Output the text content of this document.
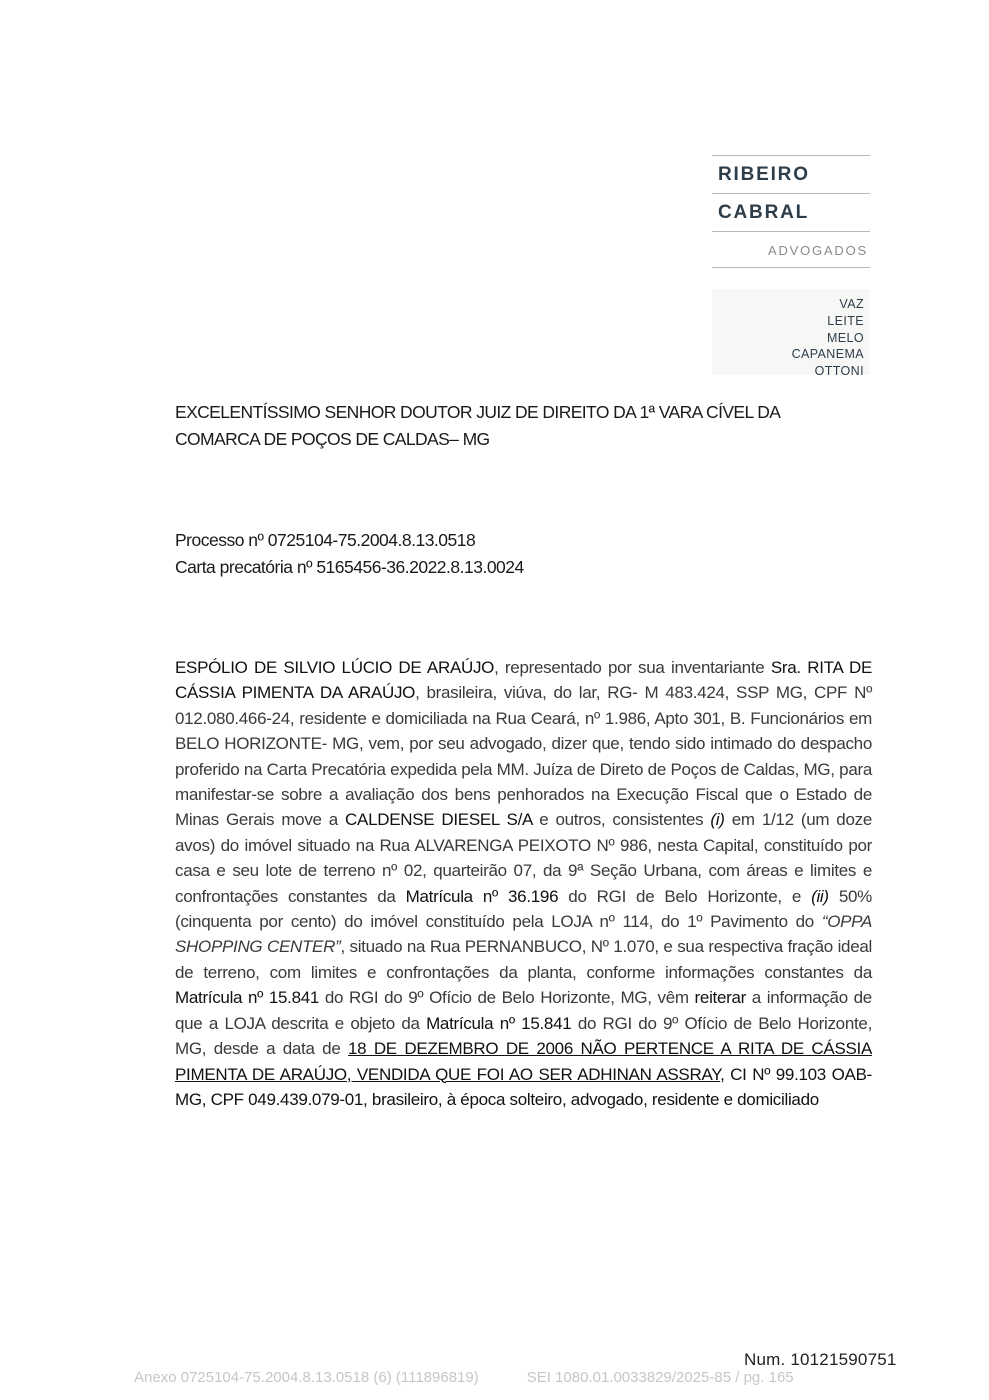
RIBEIRO
CABRAL
ADVOGADOS
VAZ
LEITE
MELO
CAPANEMA
OTTONI
EXCELENTÍSSIMO SENHOR DOUTOR JUIZ DE DIREITO DA 1ª VARA CÍVEL DA
COMARCA DE POÇOS DE CALDAS– MG
Processo nº 0725104-75.2004.8.13.0518
Carta precatória nº 5165456-36.2022.8.13.0024
ESPÓLIO DE SILVIO LÚCIO DE ARAÚJO, representado por sua inventariante Sra. RITA DE CÁSSIA PIMENTA DA ARAÚJO, brasileira, viúva, do lar, RG- M 483.424, SSP MG, CPF Nº 012.080.466-24, residente e domiciliada na Rua Ceará, nº 1.986, Apto 301, B. Funcionários em BELO HORIZONTE- MG, vem, por seu advogado, dizer que, tendo sido intimado do despacho proferido na Carta Precatória expedida pela MM. Juíza de Direto de Poços de Caldas, MG, para manifestar-se sobre a avaliação dos bens penhorados na Execução Fiscal que o Estado de Minas Gerais move a CALDENSE DIESEL S/A e outros, consistentes (i) em 1/12 (um doze avos) do imóvel situado na Rua ALVARENGA PEIXOTO Nº 986, nesta Capital, constituído por casa e seu lote de terreno nº 02, quarteirão 07, da 9ª Seção Urbana, com áreas e limites e confrontações constantes da Matrícula nº 36.196 do RGI de Belo Horizonte, e (ii) 50% (cinquenta por cento) do imóvel constituído pela LOJA nº 114, do 1º Pavimento do “OPPA SHOPPING CENTER”, situado na Rua PERNANBUCO, Nº 1.070, e sua respectiva fração ideal de terreno, com limites e confrontações da planta, conforme informações constantes da Matrícula nº 15.841 do RGI do 9º Ofício de Belo Horizonte, MG, vêm reiterar a informação de que a LOJA descrita e objeto da Matrícula nº 15.841 do RGI do 9º Ofício de Belo Horizonte, MG, desde a data de 18 DE DEZEMBRO DE 2006 NÃO PERTENCE A RITA DE CÁSSIA PIMENTA DE ARAÚJO, VENDIDA QUE FOI AO SER ADHINAN ASSRAY, CI Nº 99.103 OAB-MG, CPF 049.439.079-01, brasileiro, à época solteiro, advogado, residente e domiciliado
Num. 10121590751
Anexo 0725104-75.2004.8.13.0518 (6) (111896819)	SEI 1080.01.0033829/2025-85 / pg. 165
